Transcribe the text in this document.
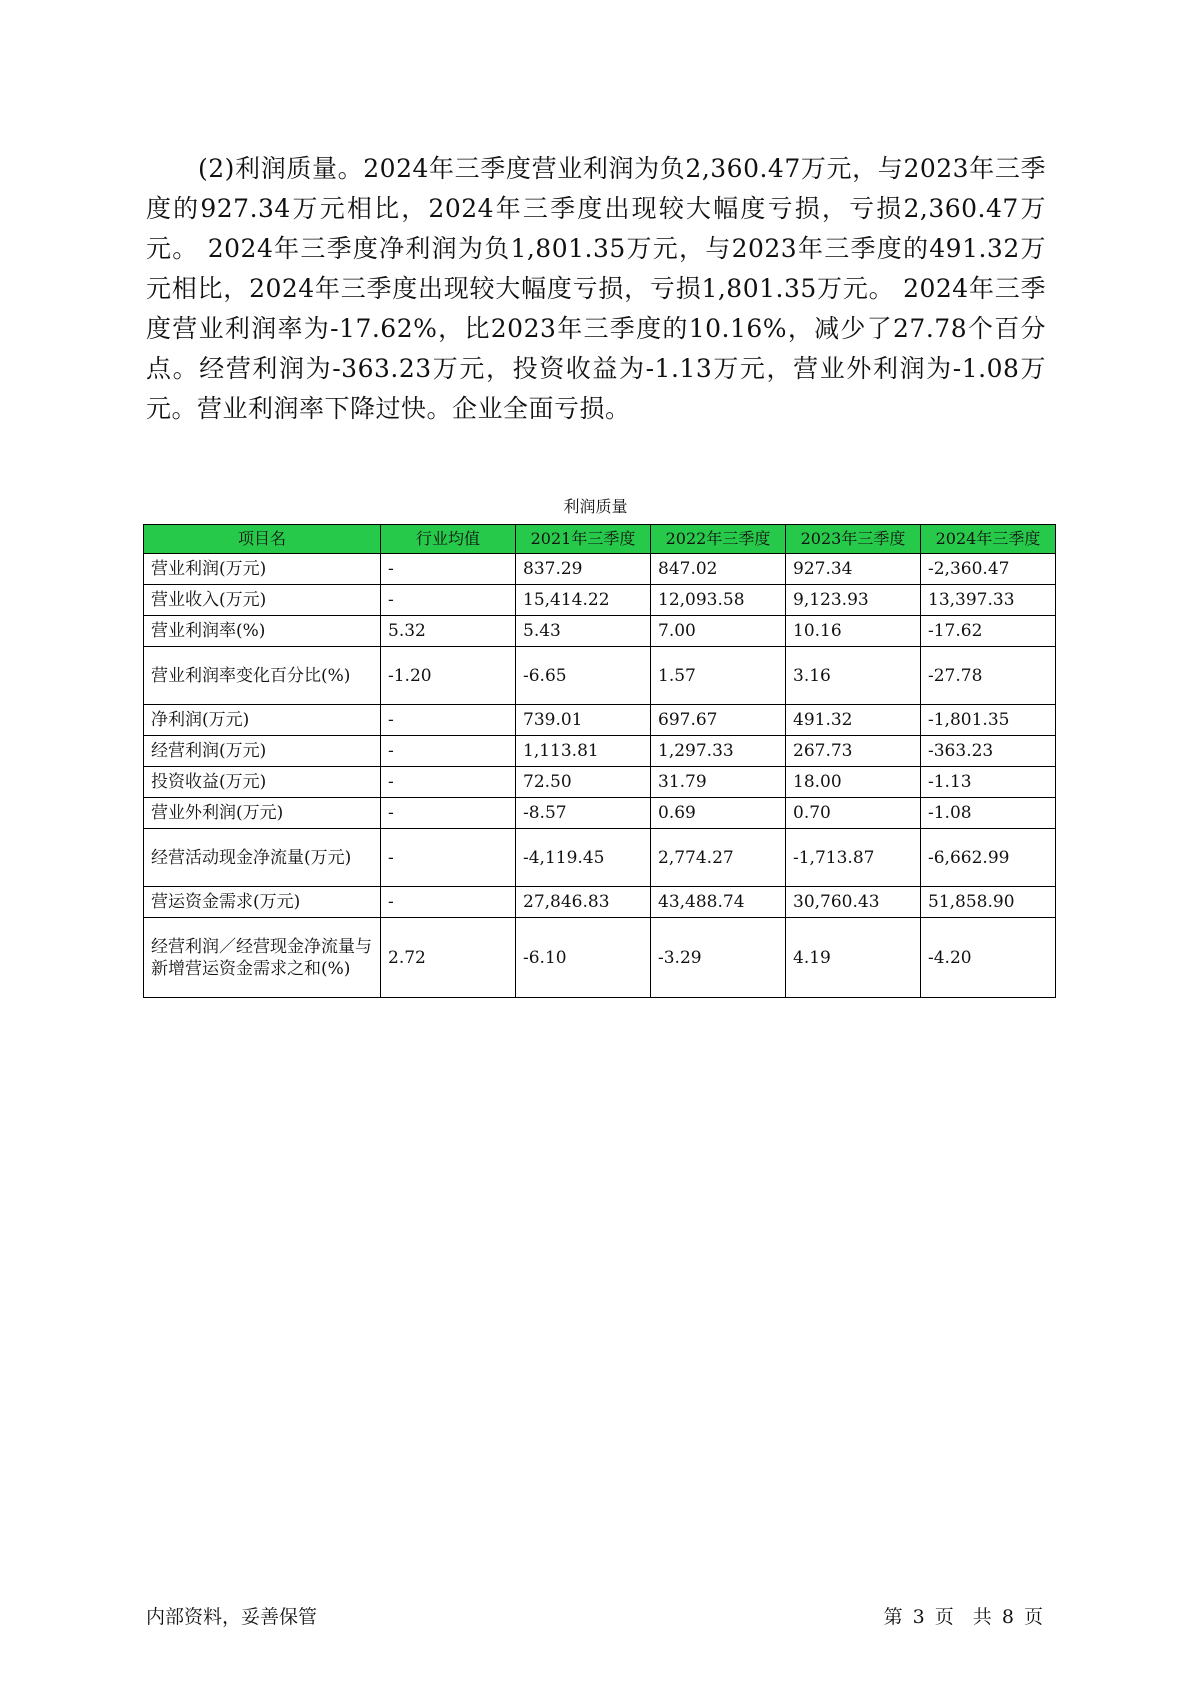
(2)利润质量。2024年三季度营业利润为负2,360.47万元，与2023年三季度的927.34万元相比，2024年三季度出现较大幅度亏损，亏损2,360.47万元。 2024年三季度净利润为负1,801.35万元，与2023年三季度的491.32万元相比，2024年三季度出现较大幅度亏损，亏损1,801.35万元。 2024年三季度营业利润率为-17.62%，比2023年三季度的10.16%，减少了27.78个百分点。经营利润为-363.23万元，投资收益为-1.13万元，营业外利润为-1.08万元。营业利润率下降过快。企业全面亏损。

利润质量
项目名	行业均值	2021年三季度	2022年三季度	2023年三季度	2024年三季度
营业利润(万元)	-	837.29	847.02	927.34	-2,360.47
营业收入(万元)	-	15,414.22	12,093.58	9,123.93	13,397.33
营业利润率(%)	5.32	5.43	7.00	10.16	-17.62
营业利润率变化百分比(%)	-1.20	-6.65	1.57	3.16	-27.78
净利润(万元)	-	739.01	697.67	491.32	-1,801.35
经营利润(万元)	-	1,113.81	1,297.33	267.73	-363.23
投资收益(万元)	-	72.50	31.79	18.00	-1.13
营业外利润(万元)	-	-8.57	0.69	0.70	-1.08
经营活动现金净流量(万元)	-	-4,119.45	2,774.27	-1,713.87	-6,662.99
营运资金需求(万元)	-	27,846.83	43,488.74	30,760.43	51,858.90
经营利润／经营现金净流量与新增营运资金需求之和(%)	2.72	-6.10	-3.29	4.19	-4.20
内部资料，妥善保管	第 3 页　共 8 页
